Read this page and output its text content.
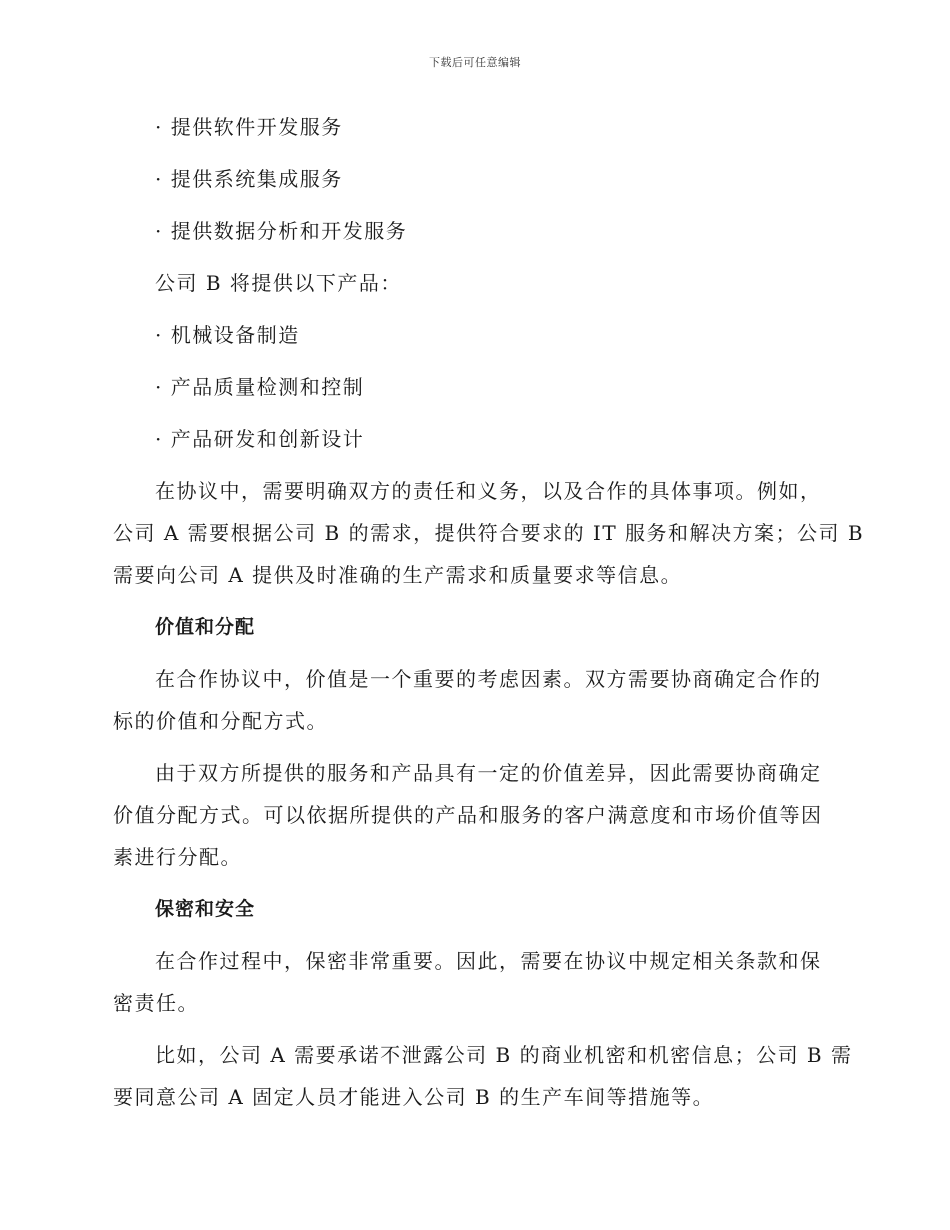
下载后可任意编辑
· 提供软件开发服务
· 提供系统集成服务
· 提供数据分析和开发服务
公司 B 将提供以下产品：
· 机械设备制造
· 产品质量检测和控制
· 产品研发和创新设计
在协议中，需要明确双方的责任和义务，以及合作的具体事项。例如，
公司 A 需要根据公司 B 的需求，提供符合要求的 IT 服务和解决方案；公司 B
需要向公司 A 提供及时准确的生产需求和质量要求等信息。
价值和分配
在合作协议中，价值是一个重要的考虑因素。双方需要协商确定合作的
标的价值和分配方式。
由于双方所提供的服务和产品具有一定的价值差异，因此需要协商确定
价值分配方式。可以依据所提供的产品和服务的客户满意度和市场价值等因
素进行分配。
保密和安全
在合作过程中，保密非常重要。因此，需要在协议中规定相关条款和保
密责任。
比如，公司 A 需要承诺不泄露公司 B 的商业机密和机密信息；公司 B 需
要同意公司 A 固定人员才能进入公司 B 的生产车间等措施等。
